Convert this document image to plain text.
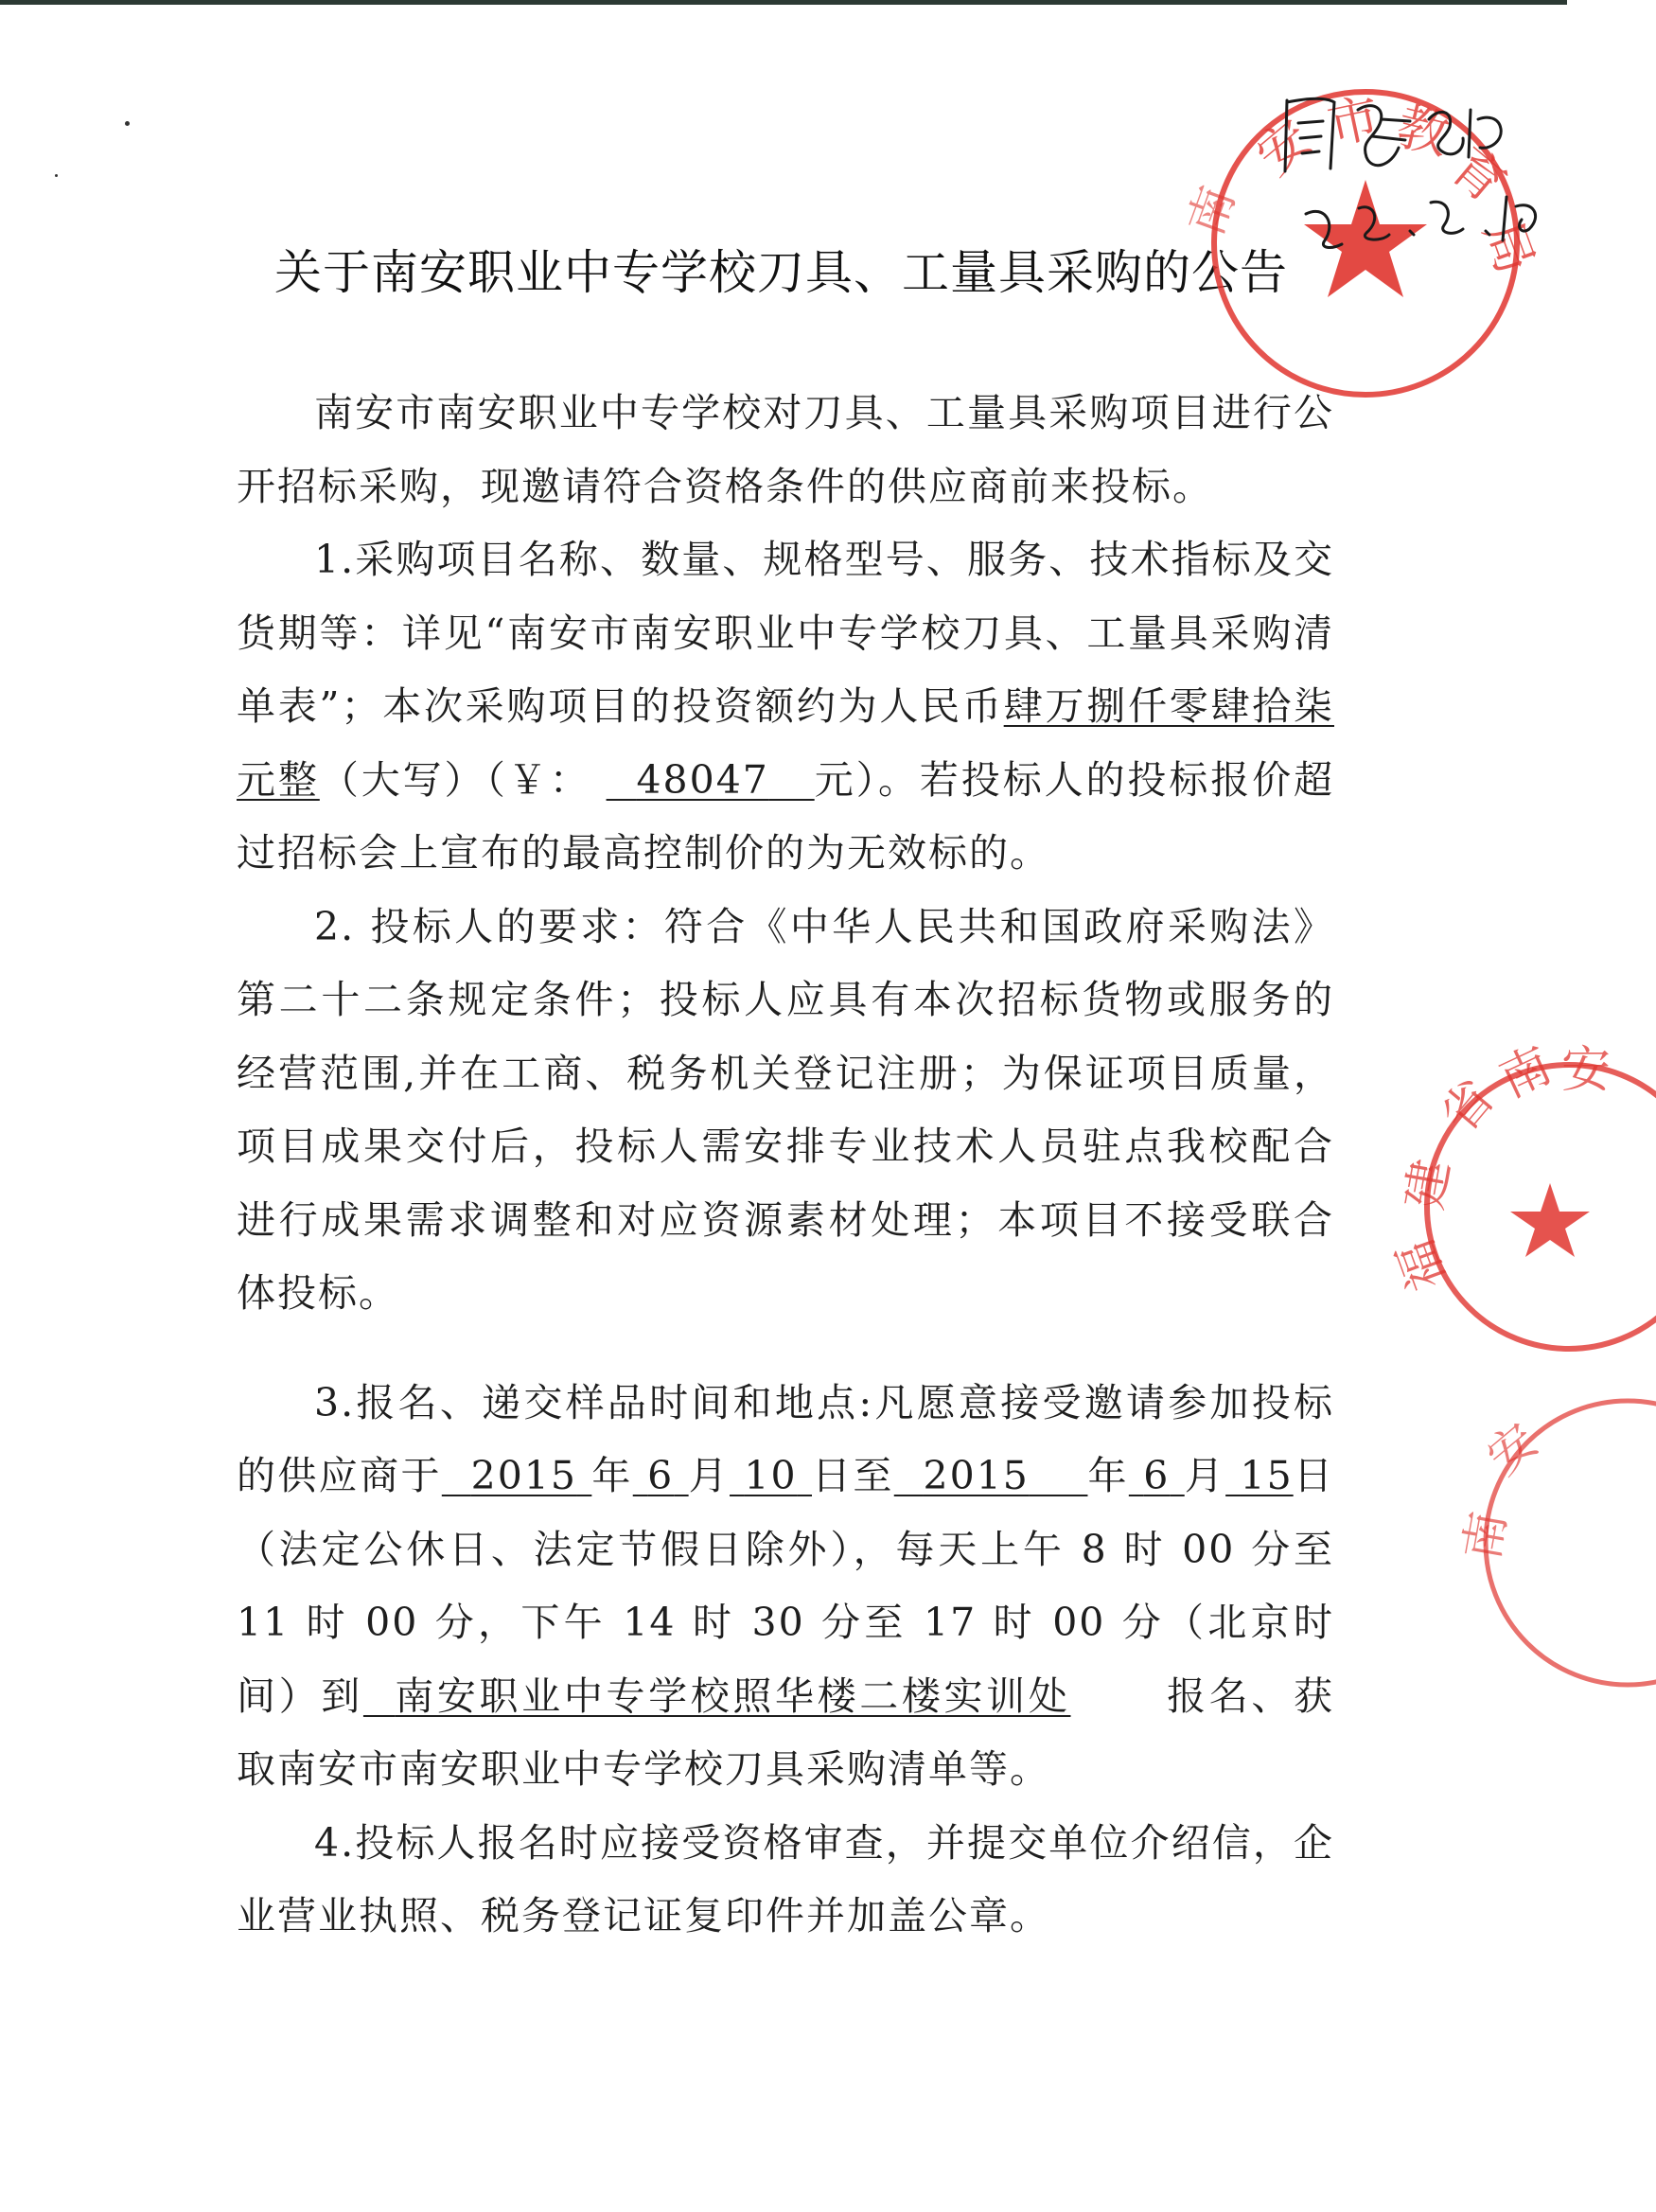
关于南安职业中专学校刀具、工量具采购的公告

南安市南安职业中专学校对刀具、工量具采购项目进行公开招标采购，现邀请符合资格条件的供应商前来投标。

1.采购项目名称、数量、规格型号、服务、技术指标及交货期等：详见“南安市南安职业中专学校刀具、工量具采购清单表”；本次采购项目的投资额约为人民币肆万捌仟零肆拾柒元整（大写）（￥： 48047 元）。若投标人的投标报价超过招标会上宣布的最高控制价的为无效标的。

2. 投标人的要求：符合《中华人民共和国政府采购法》第二十二条规定条件；投标人应具有本次招标货物或服务的经营范围,并在工商、税务机关登记注册；为保证项目质量，项目成果交付后，投标人需安排专业技术人员驻点我校配合进行成果需求调整和对应资源素材处理；本项目不接受联合体投标。

3.报名、递交样品时间和地点:凡愿意接受邀请参加投标的供应商于 2015 年 6 月 10 日至 2015 年 6 月 15日（法定公休日、法定节假日除外），每天上午 8 时 00 分至 11 时 00 分，下午 14 时 30 分至 17 时 00 分（北京时间）到 南安职业中专学校照华楼二楼实训处 报名、获取南安市南安职业中专学校刀具采购清单等。

4.投标人报名时应接受资格审查，并提交单位介绍信，企业营业执照、税务登记证复印件并加盖公章。

安 市 教
育
局
南
省
南 安
建
福
安
南
